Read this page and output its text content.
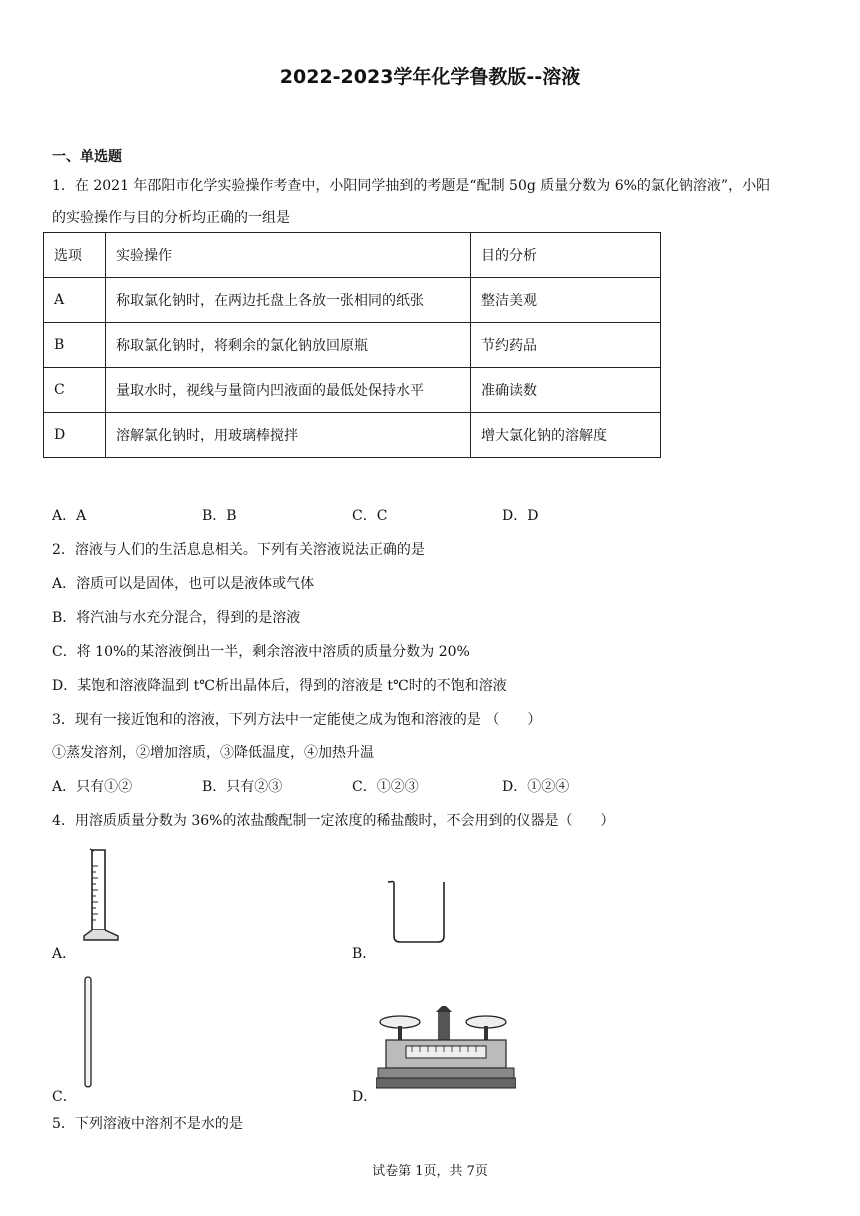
2022-2023学年化学鲁教版--溶液
一、单选题
1．在 2021 年邵阳市化学实验操作考查中，小阳同学抽到的考题是“配制 50g 质量分数为 6%的氯化钠溶液”，小阳
的实验操作与目的分析均正确的一组是
选项	实验操作	目的分析
A	称取氯化钠时，在两边托盘上各放一张相同的纸张	整洁美观
B	称取氯化钠时，将剩余的氯化钠放回原瓶	节约药品
C	量取水时，视线与量筒内凹液面的最低处保持水平	准确读数
D	溶解氯化钠时，用玻璃棒搅拌	增大氯化钠的溶解度
A．A	B．B	C．C	D．D
2．溶液与人们的生活息息相关。下列有关溶液说法正确的是
A．溶质可以是固体，也可以是液体或气体
B．将汽油与水充分混合，得到的是溶液
C．将 10%的某溶液倒出一半，剩余溶液中溶质的质量分数为 20%
D．某饱和溶液降温到 t℃析出晶体后，得到的溶液是 t℃时的不饱和溶液
3．现有一接近饱和的溶液，下列方法中一定能使之成为饱和溶液的是 （　　）
①蒸发溶剂，②增加溶质，③降低温度，④加热升温
A．只有①②	B．只有②③	C．①②③	D．①②④
4．用溶质质量分数为 36%的浓盐酸配制一定浓度的稀盐酸时，不会用到的仪器是（　　）
A．	B．
C．	D．
5．下列溶液中溶剂不是水的是
试卷第 1页，共 7页
